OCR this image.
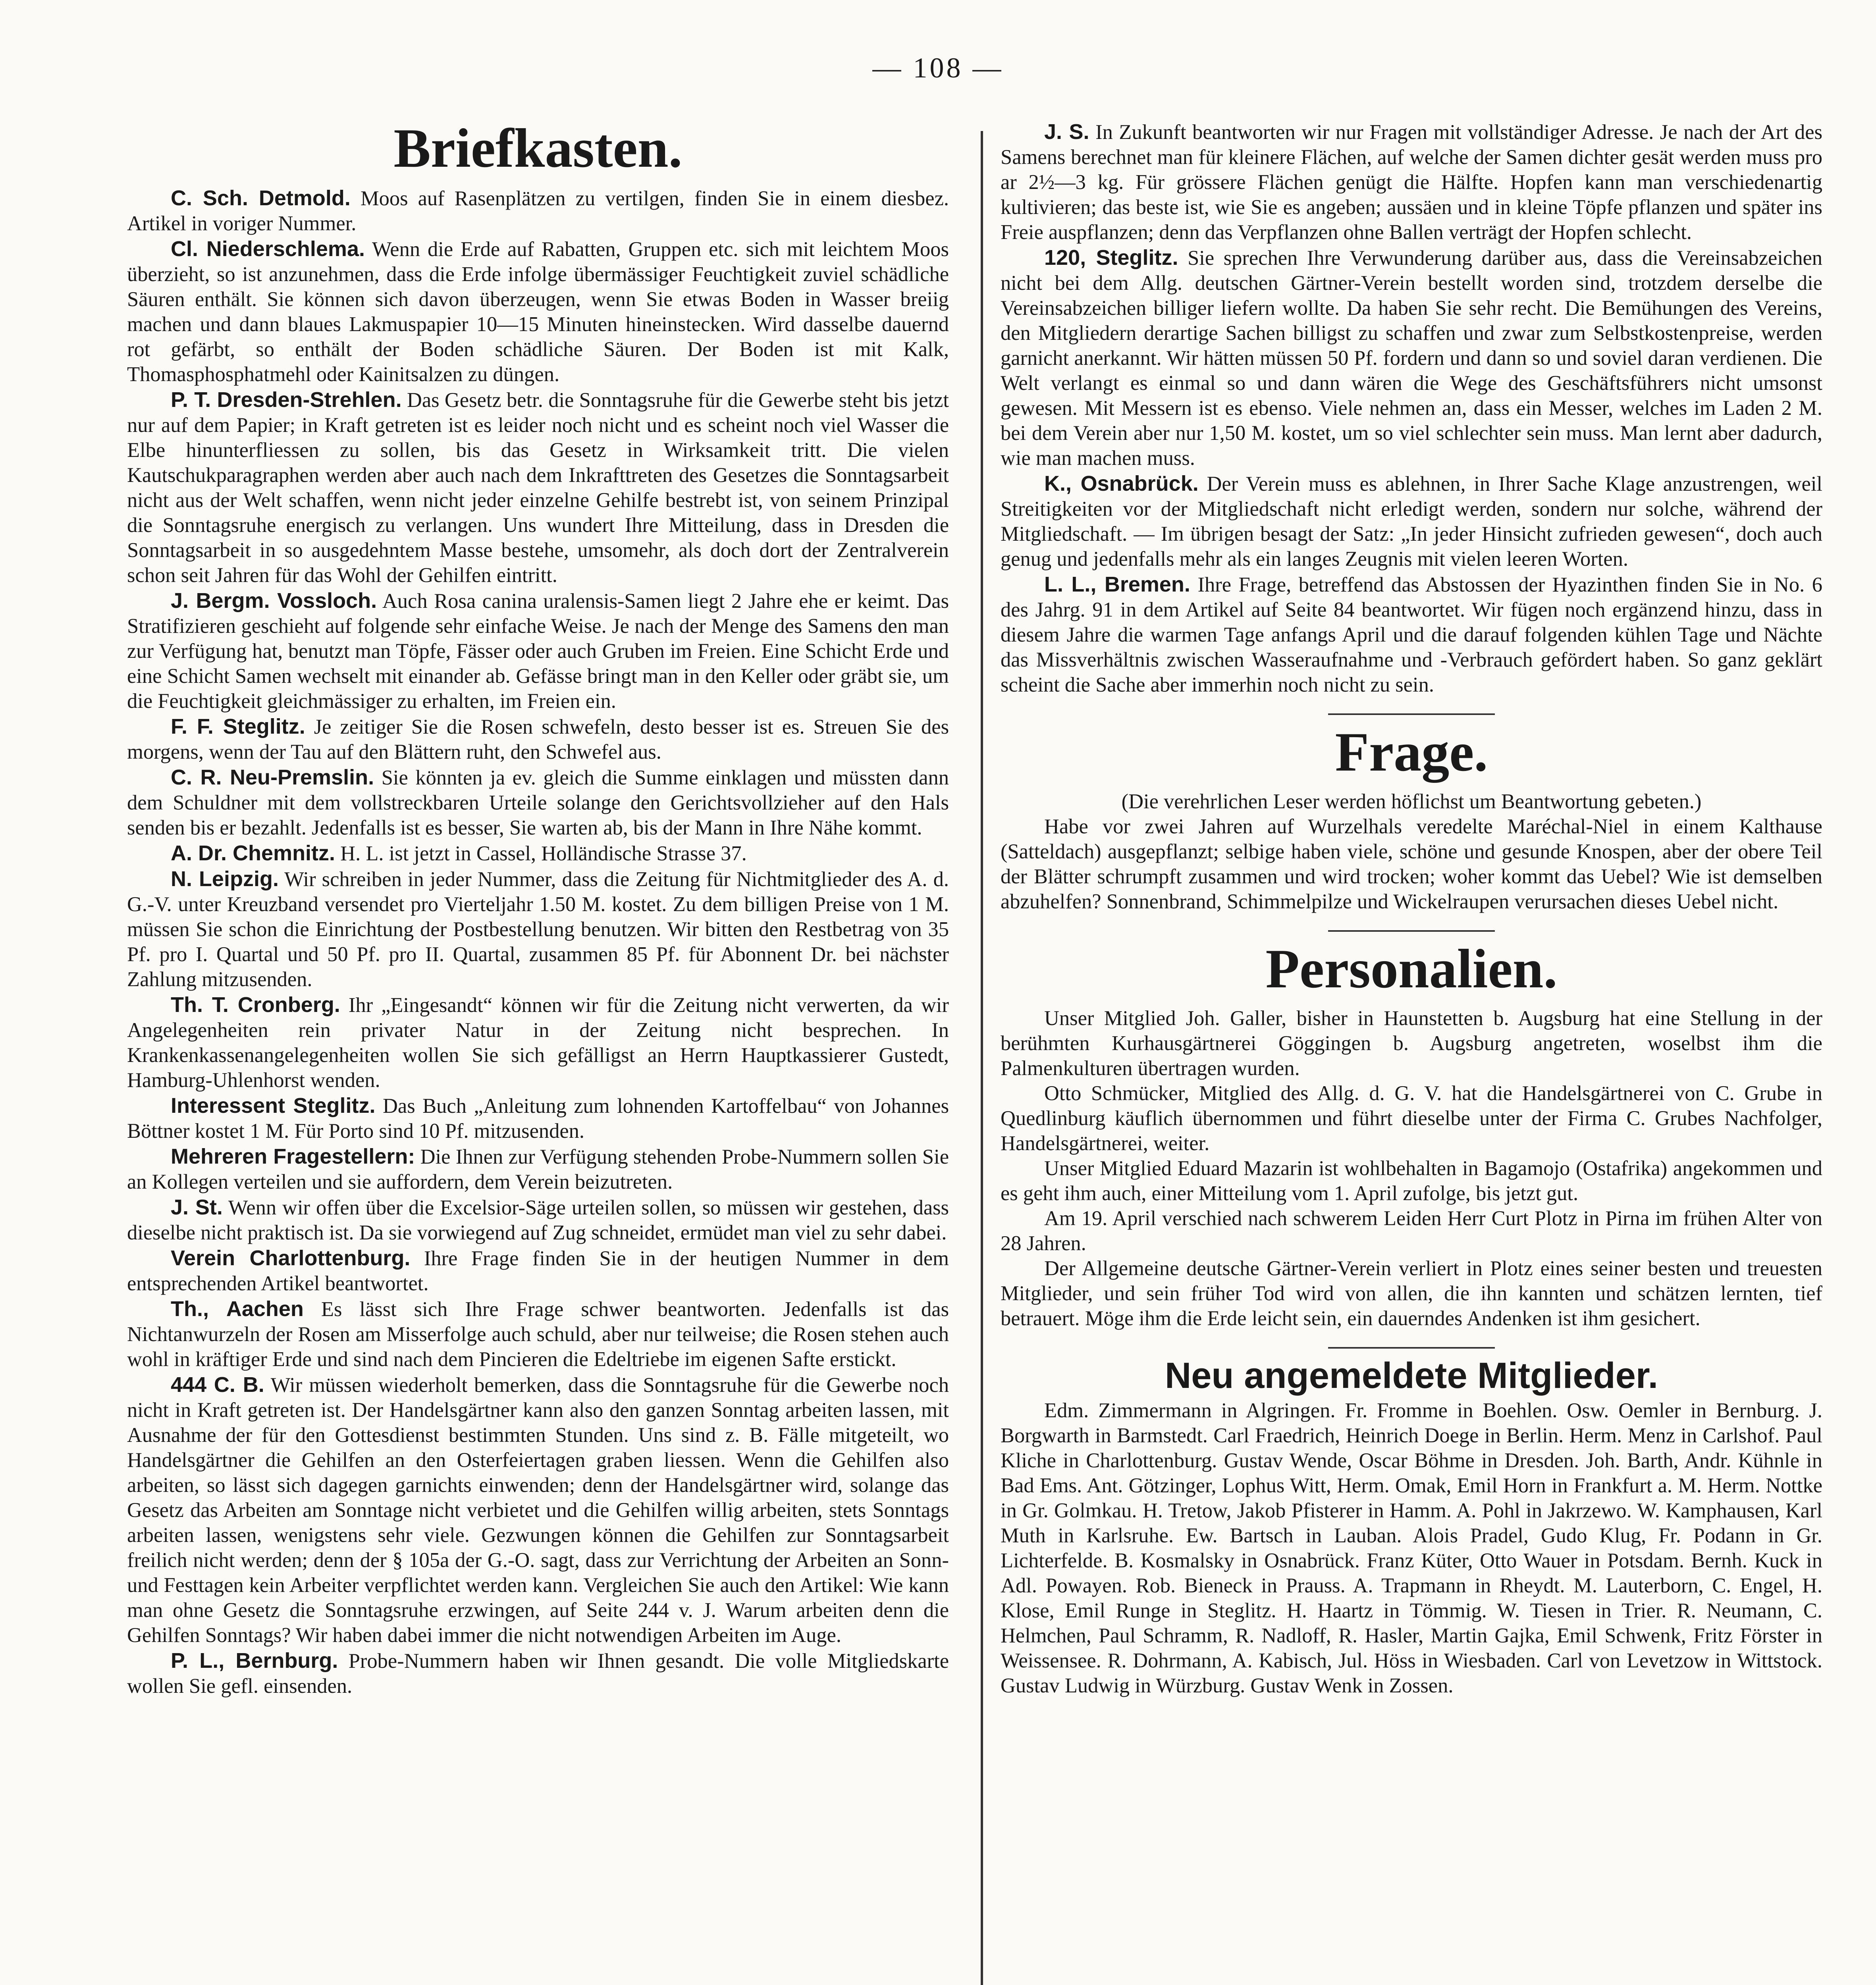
— 108 —
Briefkasten.

C. Sch. Detmold. Moos auf Rasenplätzen zu vertilgen, finden Sie in einem diesbez. Artikel in voriger Nummer.

Cl. Niederschlema. Wenn die Erde auf Rabatten, Gruppen etc. sich mit leichtem Moos überzieht, so ist anzunehmen, dass die Erde infolge übermässiger Feuchtigkeit zuviel schädliche Säuren enthält. Sie können sich davon überzeugen, wenn Sie etwas Boden in Wasser breiig machen und dann blaues Lakmuspapier 10—15 Minuten hineinstecken. Wird dasselbe dauernd rot gefärbt, so enthält der Boden schädliche Säuren. Der Boden ist mit Kalk, Thomasphosphatmehl oder Kainitsalzen zu düngen.

P. T. Dresden-Strehlen. Das Gesetz betr. die Sonntagsruhe für die Gewerbe steht bis jetzt nur auf dem Papier; in Kraft getreten ist es leider noch nicht und es scheint noch viel Wasser die Elbe hinunterfliessen zu sollen, bis das Gesetz in Wirksamkeit tritt. Die vielen Kautschukparagraphen werden aber auch nach dem Inkrafttreten des Gesetzes die Sonntagsarbeit nicht aus der Welt schaffen, wenn nicht jeder einzelne Gehilfe bestrebt ist, von seinem Prinzipal die Sonntagsruhe energisch zu verlangen. Uns wundert Ihre Mitteilung, dass in Dresden die Sonntagsarbeit in so ausgedehntem Masse bestehe, umsomehr, als doch dort der Zentralverein schon seit Jahren für das Wohl der Gehilfen eintritt.

J. Bergm. Vossloch. Auch Rosa canina uralensis-Samen liegt 2 Jahre ehe er keimt. Das Stratifizieren geschieht auf folgende sehr einfache Weise. Je nach der Menge des Samens den man zur Verfügung hat, benutzt man Töpfe, Fässer oder auch Gruben im Freien. Eine Schicht Erde und eine Schicht Samen wechselt mit einander ab. Gefässe bringt man in den Keller oder gräbt sie, um die Feuchtigkeit gleichmässiger zu erhalten, im Freien ein.

F. F. Steglitz. Je zeitiger Sie die Rosen schwefeln, desto besser ist es. Streuen Sie des morgens, wenn der Tau auf den Blättern ruht, den Schwefel aus.

C. R. Neu-Premslin. Sie könnten ja ev. gleich die Summe einklagen und müssten dann dem Schuldner mit dem vollstreckbaren Urteile solange den Gerichtsvollzieher auf den Hals senden bis er bezahlt. Jedenfalls ist es besser, Sie warten ab, bis der Mann in Ihre Nähe kommt.

A. Dr. Chemnitz. H. L. ist jetzt in Cassel, Holländische Strasse 37.

N. Leipzig. Wir schreiben in jeder Nummer, dass die Zeitung für Nichtmitglieder des A. d. G.-V. unter Kreuzband versendet pro Vierteljahr 1.50 M. kostet. Zu dem billigen Preise von 1 M. müssen Sie schon die Einrichtung der Postbestellung benutzen. Wir bitten den Restbetrag von 35 Pf. pro I. Quartal und 50 Pf. pro II. Quartal, zusammen 85 Pf. für Abonnent Dr. bei nächster Zahlung mitzusenden.

Th. T. Cronberg. Ihr „Eingesandt“ können wir für die Zeitung nicht verwerten, da wir Angelegenheiten rein privater Natur in der Zeitung nicht besprechen. In Krankenkassenangelegenheiten wollen Sie sich gefälligst an Herrn Hauptkassierer Gustedt, Hamburg-Uhlenhorst wenden.

Interessent Steglitz. Das Buch „Anleitung zum lohnenden Kartoffelbau“ von Johannes Böttner kostet 1 M. Für Porto sind 10 Pf. mitzusenden.

Mehreren Fragestellern: Die Ihnen zur Verfügung stehenden Probe-Nummern sollen Sie an Kollegen verteilen und sie auffordern, dem Verein beizutreten.

J. St. Wenn wir offen über die Excelsior-Säge urteilen sollen, so müssen wir gestehen, dass dieselbe nicht praktisch ist. Da sie vorwiegend auf Zug schneidet, ermüdet man viel zu sehr dabei.

Verein Charlottenburg. Ihre Frage finden Sie in der heutigen Nummer in dem entsprechenden Artikel beantwortet.

Th., Aachen Es lässt sich Ihre Frage schwer beantworten. Jedenfalls ist das Nichtanwurzeln der Rosen am Misserfolge auch schuld, aber nur teilweise; die Rosen stehen auch wohl in kräftiger Erde und sind nach dem Pincieren die Edeltriebe im eigenen Safte erstickt.

444 C. B. Wir müssen wiederholt bemerken, dass die Sonntagsruhe für die Gewerbe noch nicht in Kraft getreten ist. Der Handelsgärtner kann also den ganzen Sonntag arbeiten lassen, mit Ausnahme der für den Gottesdienst bestimmten Stunden. Uns sind z. B. Fälle mitgeteilt, wo Handelsgärtner die Gehilfen an den Osterfeiertagen graben liessen. Wenn die Gehilfen also arbeiten, so lässt sich dagegen garnichts einwenden; denn der Handelsgärtner wird, solange das Gesetz das Arbeiten am Sonntage nicht verbietet und die Gehilfen willig arbeiten, stets Sonntags arbeiten lassen, wenigstens sehr viele. Gezwungen können die Gehilfen zur Sonntagsarbeit freilich nicht werden; denn der § 105a der G.-O. sagt, dass zur Verrichtung der Arbeiten an Sonn- und Festtagen kein Arbeiter verpflichtet werden kann. Vergleichen Sie auch den Artikel: Wie kann man ohne Gesetz die Sonntagsruhe erzwingen, auf Seite 244 v. J. Warum arbeiten denn die Gehilfen Sonntags? Wir haben dabei immer die nicht notwendigen Arbeiten im Auge.

P. L., Bernburg. Probe-Nummern haben wir Ihnen gesandt. Die volle Mitgliedskarte wollen Sie gefl. einsenden.

J. S. In Zukunft beantworten wir nur Fragen mit vollständiger Adresse. Je nach der Art des Samens berechnet man für kleinere Flächen, auf welche der Samen dichter gesät werden muss pro ar 2½—3 kg. Für grössere Flächen genügt die Hälfte. Hopfen kann man verschiedenartig kultivieren; das beste ist, wie Sie es angeben; aussäen und in kleine Töpfe pflanzen und später ins Freie auspflanzen; denn das Verpflanzen ohne Ballen verträgt der Hopfen schlecht.

120, Steglitz. Sie sprechen Ihre Verwunderung darüber aus, dass die Vereinsabzeichen nicht bei dem Allg. deutschen Gärtner-Verein bestellt worden sind, trotzdem derselbe die Vereinsabzeichen billiger liefern wollte. Da haben Sie sehr recht. Die Bemühungen des Vereins, den Mitgliedern derartige Sachen billigst zu schaffen und zwar zum Selbstkostenpreise, werden garnicht anerkannt. Wir hätten müssen 50 Pf. fordern und dann so und soviel daran verdienen. Die Welt verlangt es einmal so und dann wären die Wege des Geschäftsführers nicht umsonst gewesen. Mit Messern ist es ebenso. Viele nehmen an, dass ein Messer, welches im Laden 2 M. bei dem Verein aber nur 1,50 M. kostet, um so viel schlechter sein muss. Man lernt aber dadurch, wie man machen muss.

K., Osnabrück. Der Verein muss es ablehnen, in Ihrer Sache Klage anzustrengen, weil Streitigkeiten vor der Mitgliedschaft nicht erledigt werden, sondern nur solche, während der Mitgliedschaft. — Im übrigen besagt der Satz: „In jeder Hinsicht zufrieden gewesen“, doch auch genug und jedenfalls mehr als ein langes Zeugnis mit vielen leeren Worten.

L. L., Bremen. Ihre Frage, betreffend das Abstossen der Hyazinthen finden Sie in No. 6 des Jahrg. 91 in dem Artikel auf Seite 84 beantwortet. Wir fügen noch ergänzend hinzu, dass in diesem Jahre die warmen Tage anfangs April und die darauf folgenden kühlen Tage und Nächte das Missverhältnis zwischen Wasseraufnahme und -Verbrauch gefördert haben. So ganz geklärt scheint die Sache aber immerhin noch nicht zu sein.

Frage.

(Die verehrlichen Leser werden höflichst um Beantwortung gebeten.)

Habe vor zwei Jahren auf Wurzelhals veredelte Maréchal-Niel in einem Kalthause (Satteldach) ausgepflanzt; selbige haben viele, schöne und gesunde Knospen, aber der obere Teil der Blätter schrumpft zusammen und wird trocken; woher kommt das Uebel? Wie ist demselben abzuhelfen? Sonnenbrand, Schimmelpilze und Wickelraupen verursachen dieses Uebel nicht.

Personalien.

Unser Mitglied Joh. Galler, bisher in Haunstetten b. Augsburg hat eine Stellung in der berühmten Kurhausgärtnerei Göggingen b. Augsburg angetreten, woselbst ihm die Palmenkulturen übertragen wurden.

Otto Schmücker, Mitglied des Allg. d. G. V. hat die Handelsgärtnerei von C. Grube in Quedlinburg käuflich übernommen und führt dieselbe unter der Firma C. Grubes Nachfolger, Handelsgärtnerei, weiter.

Unser Mitglied Eduard Mazarin ist wohlbehalten in Bagamojo (Ostafrika) angekommen und es geht ihm auch, einer Mitteilung vom 1. April zufolge, bis jetzt gut.

Am 19. April verschied nach schwerem Leiden Herr Curt Plotz in Pirna im frühen Alter von 28 Jahren.

Der Allgemeine deutsche Gärtner-Verein verliert in Plotz eines seiner besten und treuesten Mitglieder, und sein früher Tod wird von allen, die ihn kannten und schätzen lernten, tief betrauert. Möge ihm die Erde leicht sein, ein dauerndes Andenken ist ihm gesichert.

Neu angemeldete Mitglieder.

Edm. Zimmermann in Algringen. Fr. Fromme in Boehlen. Osw. Oemler in Bernburg. J. Borgwarth in Barmstedt. Carl Fraedrich, Heinrich Doege in Berlin. Herm. Menz in Carlshof. Paul Kliche in Charlottenburg. Gustav Wende, Oscar Böhme in Dresden. Joh. Barth, Andr. Kühnle in Bad Ems. Ant. Götzinger, Lophus Witt, Herm. Omak, Emil Horn in Frankfurt a. M. Herm. Nottke in Gr. Golmkau. H. Tretow, Jakob Pfisterer in Hamm. A. Pohl in Jakrzewo. W. Kamphausen, Karl Muth in Karlsruhe. Ew. Bartsch in Lauban. Alois Pradel, Gudo Klug, Fr. Podann in Gr. Lichterfelde. B. Kosmalsky in Osnabrück. Franz Küter, Otto Wauer in Potsdam. Bernh. Kuck in Adl. Powayen. Rob. Bieneck in Prauss. A. Trapmann in Rheydt. M. Lauterborn, C. Engel, H. Klose, Emil Runge in Steglitz. H. Haartz in Tömmig. W. Tiesen in Trier. R. Neumann, C. Helmchen, Paul Schramm, R. Nadloff, R. Hasler, Martin Gajka, Emil Schwenk, Fritz Förster in Weissensee. R. Dohrmann, A. Kabisch, Jul. Höss in Wiesbaden. Carl von Levetzow in Wittstock. Gustav Ludwig in Würzburg. Gustav Wenk in Zossen.
